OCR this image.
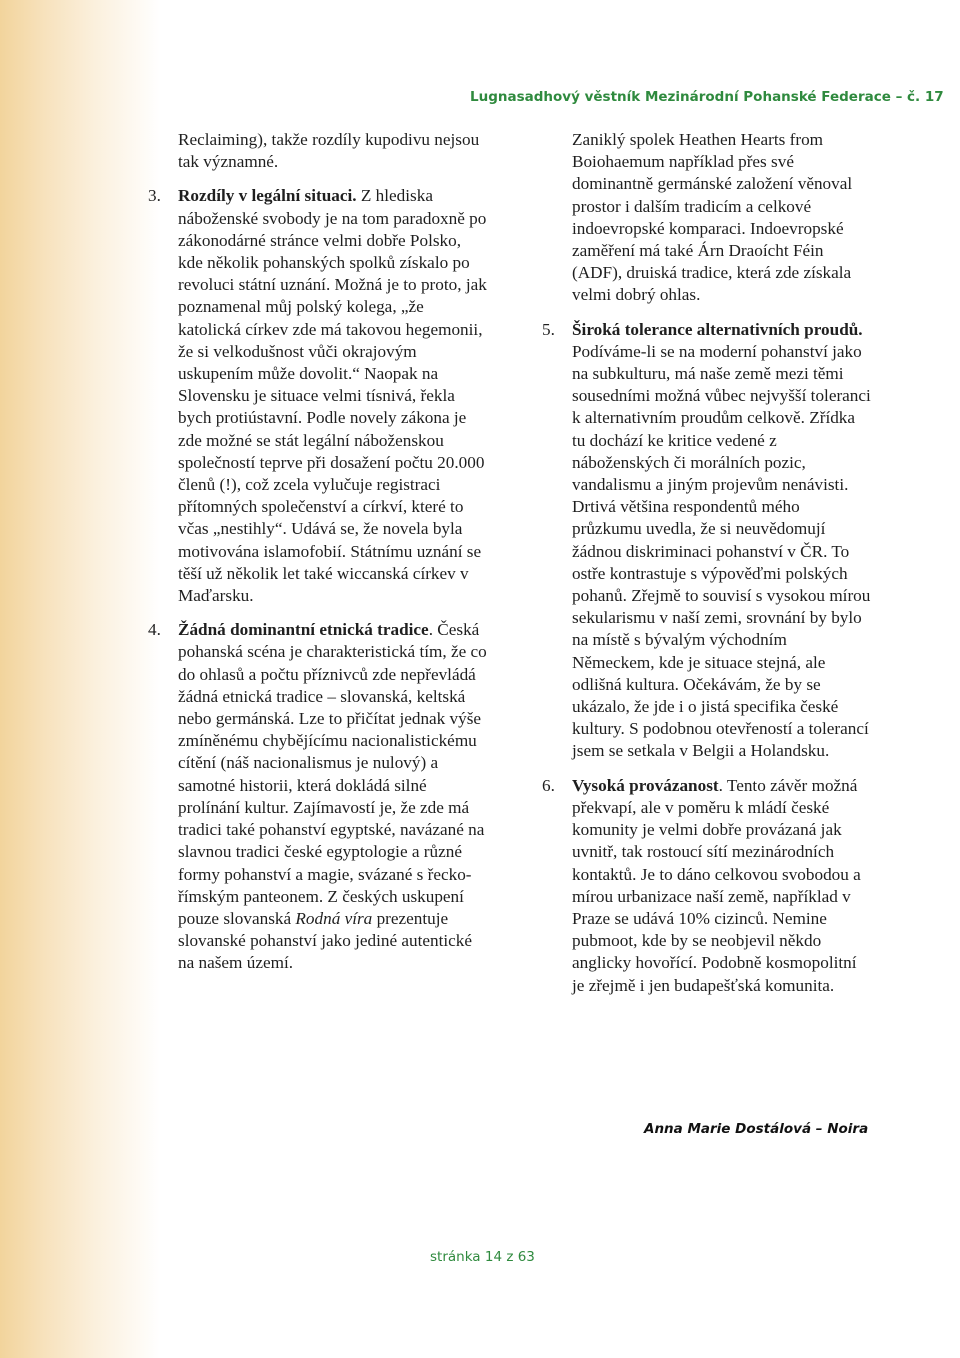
Lugnasadhový věstník Mezinárodní Pohanské Federace – č. 17

Reclaiming), takže rozdíly kupodivu nejsou tak významné.

3. Rozdíly v legální situaci. Z hlediska náboženské svobody je na tom paradoxně po zákonodárné stránce velmi dobře Polsko, kde několik pohanských spolků získalo po revoluci státní uznání. Možná je to proto, jak poznamenal můj polský kolega, „že katolická církev zde má takovou hegemonii, že si velkodušnost vůči okrajovým uskupením může dovolit.“ Naopak na Slovensku je situace velmi tísnivá, řekla bych protiústavní. Podle novely zákona je zde možné se stát legální náboženskou společností teprve při dosažení počtu 20.000 členů (!), což zcela vylučuje registraci přítomných společenství a církví, které to včas „nestihly“. Udává se, že novela byla motivována islamofobií. Státnímu uznání se těší už několik let také wiccanská církev v Maďarsku.

4. Žádná dominantní etnická tradice. Česká pohanská scéna je charakteristická tím, že co do ohlasů a počtu příznivců zde nepřevládá žádná etnická tradice – slovanská, keltská nebo germánská. Lze to přičítat jednak výše zmíněnému chybějícímu nacionalistickému cítění (náš nacionalismus je nulový) a samotné historii, která dokládá silné prolínání kultur. Zajímavostí je, že zde má tradici také pohanství egyptské, navázané na slavnou tradici české egyptologie a různé formy pohanství a magie, svázané s řecko-římským panteonem. Z českých uskupení pouze slovanská Rodná víra prezentuje slovanské pohanství jako jediné autentické na našem území.

Zaniklý spolek Heathen Hearts from Boiohaemum například přes své dominantně germánské založení věnoval prostor i dalším tradicím a celkové indoevropské komparaci. Indoevropské zaměření má také Árn Draoícht Féin (ADF), druiská tradice, která zde získala velmi dobrý ohlas.

5. Široká tolerance alternativních proudů. Podíváme-li se na moderní pohanství jako na subkulturu, má naše země mezi těmi sousedními možná vůbec nejvyšší toleranci k alternativním proudům celkově. Zřídka tu dochází ke kritice vedené z náboženských či morálních pozic, vandalismu a jiným projevům nenávisti. Drtivá většina respondentů mého průzkumu uvedla, že si neuvědomují žádnou diskriminaci pohanství v ČR. To ostře kontrastuje s výpověďmi polských pohanů. Zřejmě to souvisí s vysokou mírou sekularismu v naší zemi, srovnání by bylo na místě s bývalým východním Německem, kde je situace stejná, ale odlišná kultura. Očekávám, že by se ukázalo, že jde i o jistá specifika české kultury. S podobnou otevřeností a tolerancí jsem se setkala v Belgii a Holandsku.

6. Vysoká provázanost. Tento závěr možná překvapí, ale v poměru k mládí české komunity je velmi dobře provázaná jak uvnitř, tak rostoucí sítí mezinárodních kontaktů. Je to dáno celkovou svobodou a mírou urbanizace naší země, například v Praze se udává 10% cizinců. Nemine pubmoot, kde by se neobjevil někdo anglicky hovořící. Podobně kosmopolitní je zřejmě i jen budapešťská komunita.

Anna Marie Dostálová – Noira
stránka 14 z 63
